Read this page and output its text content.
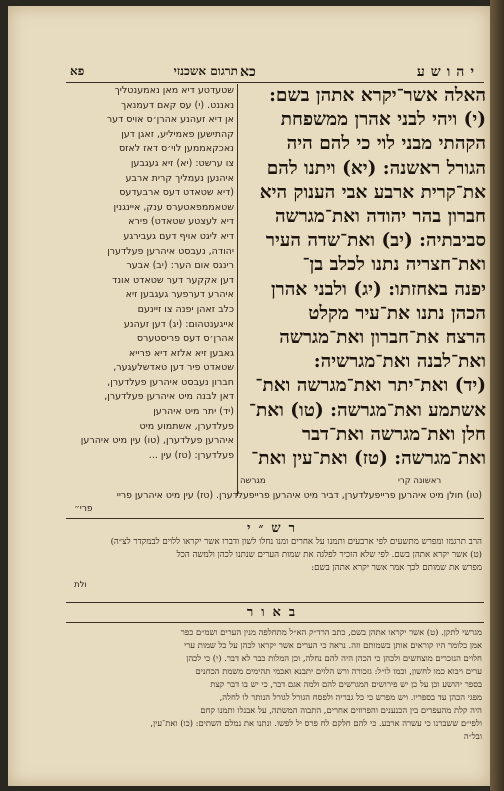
תרגום אשכנזי
פא	יהושע
כא
האלה אשר־יקרא אתהן בשם:
(י) ויהי לבני אהרן ממשפחת
הקהתי מבני לוי כי להם היה
הגורל ראשנה: (יא) ויתנו להם
את־קרית ארבע אבי הענוק היא
חברון בהר יהודה ואת־מגרשה
סביבתיה: (יב) ואת־שדה העיר
ואת־חצריה נתנו לכלב בן־
יפנה באחזתו: (יג) ולבני אהרן
הכהן נתנו את־עיר מקלט
הרצח את־חברון ואת־מגרשה
ואת־לבנה ואת־מגרשיה:
(יד) ואת־יתר ואת־מגרשה ואת־
אשתמע ואת־מגרשה: (טו) ואת־
חלן ואת־מגרשה ואת־דבר
ואת־מגרשה: (טז) ואת־עין ואת־
שטעדטע דיא מאן נאמענטליך
נאננט. (י) עס קאם דעמנאך
אן דיא זעהנע אהרן׳ס אויס דער
קהתישען פאמיליע, זאגן דען
נאכקאממען לוי׳ס דאז לאזס
צו ערשט: (יא) זיא געגבען
איהנען נעמליך קרית ארבע
(דיא שטאדט דעס ארבעדעס
שטאממפאטערס ענק, איינגנין
דיא לעצטע שטאדט) פירא
דיא ליגט אויף דעם געבירגע
יהודה, נעבסט איהרען פעלדערן
רינגס אום הער: (יב) אבער
דען אקקער דער שטאדט אונד
איהרע דערפער געגבען זיא
כלב זאהן יפנה צו זיינעם
אייגענטהום: (יג) דען זעהנע
אהרן׳ס דעס פריסטערס
גאבען זיא אלזא דיא פרייא
שטאדט פיר דען טאדשלעגער,
חברון נעבסט איהרען פעלדערן,
דאן לבנה מיט איהרען פעלדערן,
(יד) יתר מיט איהרען
פעלדערן, אשתמוע מיט
איהרען פעלדערן, (טו) עין מיט איהרען
פעלדערן: (טז) עין ...
ראשונה קרי
מגרשה
(טו) חולן מיט איהרען פרייפעלדערן, דביר מיט איהרען פרייפעלדערן. (טז) עין מיט איהרען פריי
פרי״
רש״י
הרב תרגמו ומפרש מתשעים לפי ארבעים ותמנו על אחרים ומנו נחלו לשון ודברו אשר יקראו ללוים לבמקדר לצ״ה)
(ט) אשר יקרא אתהן בשם. לפי שלא הזכיר לפלגה את שמות הערים שנתנו לכהן ולמשה הכל
מפרש את שמותם לכך אמר אשר יקרא אתהן בשם:
ולת
באור
מגרשי לתקן. (ט) אשר יקראו אתהן בשם, כתב הרד״ק הא״ל מתחלפה מנין הערים ושמ״ם כפר
אמן כלומר היו קוראים אותן בשמותם וזה. נראה כי הערים אשר יקראו לכהן על כל שמות ערי
חלוים הנזכרים מוצחשים ולכהן כי הכהן היה להם נחלה, וכן המלות כבר לא דבר. (י) כי לכהן
ערים ויבוא כמו לחשון, וכמו לו״ל: גזכורה ורש הלוים יתבנא ואכמי תהימים משמת הכחנים
בספר יהושע וכן על כן יש פירושים המגרשים להם ולמה אגם דבר, כי יש בו דבר קצת
מפגי הכהן עד בספריו. ויש מפרש כי כל גבריה ולפסח הגורל לגורל הנותר לו לחלה,
היה קלת מהעפרים בין הכנענים והפרוזים אחרים, התבוה המשתה, על אבנלו ותמנו קחם
ולפי״ם ששברנו כי עשרה ארבע. כי להם חלקם לח פרס יל לפשו. ונתנו את נמלם השתים: (כו) ואת־עין,
ובל״ה
